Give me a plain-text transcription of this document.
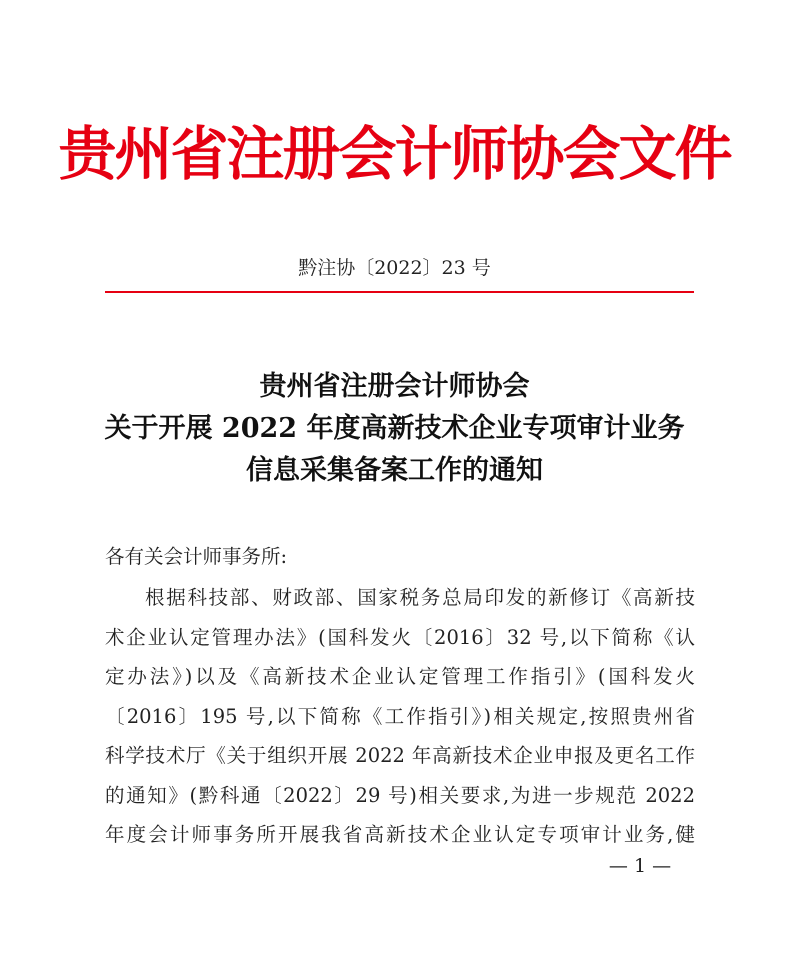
贵州省注册会计师协会文件
黔注协〔2022〕23 号
贵州省注册会计师协会
关于开展 2022 年度高新技术企业专项审计业务
信息采集备案工作的通知
各有关会计师事务所:
根据科技部、财政部、国家税务总局印发的新修订《高新技
术企业认定管理办法》(国科发火〔2016〕32 号,以下简称《认
定办法》)以及《高新技术企业认定管理工作指引》(国科发火
〔2016〕195 号,以下简称《工作指引》)相关规定,按照贵州省
科学技术厅《关于组织开展 2022 年高新技术企业申报及更名工作
的通知》(黔科通〔2022〕29 号)相关要求,为进一步规范 2022
年度会计师事务所开展我省高新技术企业认定专项审计业务,健
— 1 —
